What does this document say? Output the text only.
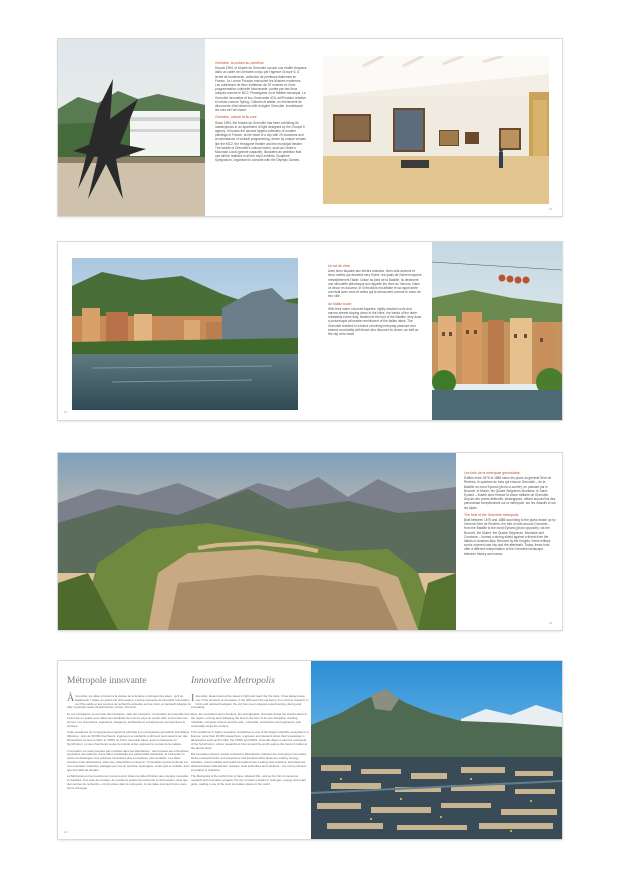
Grenoble, la culture au carrefour
Depuis 1994, le Musée de Grenoble occupe une réalité d'espace dans un cadre de Grenoble conçu par l'agence Groupe 6. À terme de bouleverse, collection de peintures italiennes en France. Le Louvre Poussin entrouvert les Musées modernes. Les collections de lieux Institution de 20 musées et d'une programmation culturelle foisonnante, portée par des lieux uniques comme le MC2, Planetgame ou le théâtre municipal. La Grenoble innovative et éco-l'innovante d'OL art/Produire créative et urbain comme Spring, Cultures et atelier, un événement de découverte d'art urbain la ville d'origine Grenoble, investissant les rues de l'art vivant.

Grenoble, culture at its core
Since 1994, the Musée de Grenoble has been exhibiting its masterpieces in an apartment of light designed by the Groupe 6 agency. It houses the second largest collection of modern paintings in France, at the heart of a city with 20 museums and an abundance of cultural programming, driven by unique venues like the MC2, the Hexagone theater and the municipal theater. The wealth of Grenoble's cultural scene, such as Cédric's Mountain Local (grande capacité), illustrates an ambition that can still be realized in all the city's exhibits, Sculpture Symposium, organised to coincide with the Olympic Games.

10
11

Un art de vivre
Avec leurs façades aux teintes chaudes, leurs toits anciens et leurs ruelles qui dévalent vers l'Isère, les quais de l'Isère évoquent irrésistiblement l'Italie. Grâce au pied de la Bastille, ils dessinent une silhouette pittoresque qui rappelle les rives du Vercors. Dans ce décor en douceur, le Grenoblois est affable et sa rapprochée convivial avec ceux et celles qui le découvrent comme le cœur de leur ville.

An Italian touch
With their warm coloured façades, rightly stacked roofs and narrow streets sloping down to the Isère, the banks of the Isère irresistibly evoke Italy. Nestled at the foot of the Bastille, they draw a picturesque silhouette reminiscent of the Italian lakes. The Grenoble resident in a blend of inviting everyday pleasure and shared conviviality with those who discover its charm, as well as the city at its heart.

Les forts de la métropole grenobloise
Édifiés entre 1875 et 1885 selon les plans du général Séré de Rivières, le système de forts qui entoure Grenoble – de la Bastille au mont Eynard (photo ci-contre), en passant par le Bourcet, le Murier, les Quatre Seigneurs Montavie, le Saint-Eynard – illustre avec finesse la vision militaire de Grenoble. Depuis des points défensifs, stratégiques, offrant aujourd'hui des panoramas exceptionnels sur la métropole, sur les massifs et sur les Alpes.

The forts of the Grenoble metropolis
Built between 1875 and 1885 according to the plans drawn up by General Séré de Rivières, the belt of forts around Grenoble – from the Bastille to the mont Eynard (photo opposite), via the Bourcet, the Murier, the Quatre Seigneurs, Montavie and Comboire – formed a strong shield against a threat from the Italian or Austrian Alps. Beloved by the Knights, these military works covered vast city and the aftermath. Today, these forts offer a different interpretation of the Grenoble landscape, between history and nature.

13
Métropole innovante

À Grenoble, les idées circulent à la vitesse de la lumière et plongent les idées : qu'il du Datacenter ! Grâce au grand site d'innovation, c'est la métropole de Grenoble l'innovation au XXIe siècle et ses sources de recherche actuelles sur les micro et nanotechnologies, la ville n'a jamais cessé d'expérimenter, d'oser, d'innover.

Ici, les montagnes ne sont pas des frontières, mais des tremplins : l'innovation de Grenoble donc s'est mise en quatre pour attirer des étudiants de tous les pays au centre-ville, sous toutes ses formes. Les chercheurs, ingénieurs, designers, architectes et entrepreneurs qui façonnent le territoire.

Cette excellence de l'enseignement supérieur participe à un écosystème grenoblois scientifique d'Europe : près de 30 000 chercheurs, ingénieurs et étudiants confirment leurs savoirs sur des laboratoires comme le CEA, le CNRS ou l'Inria. Grenoble Alpes, avec la métropole du Synchrotron, ou des chercheurs venus du monde entier explorent le monde de la matière.

L'innovation ne reste pourtant pas confinée dans les laboratoires : des bureaux aux entreprises pionnières des startups, d'une filière industrielle aux partenariats industriels, la métropole ne cesse de développer des solutions innovantes plus connectées, plus durables. Les idées circulent entre laboratoires, start-ups, collectivités et citoyens : l'innovation la plus profonde est une innovation collective, partagée par tout un territoire. Hydrogène, smart-grid et mobilité, ainsi que des défis de demain.

La Métropole est la première au monde à avoir obtenu le label d'Institut des énergies nouvelles et durables. À la suite de ce label, de nombreux projets de recherche et d'innovation, ainsi que des centres de recherche, ont pris place dans la métropole, où les idées prennent forme sous forme d'énergie.

Innovative Metropolis

I Grenoble, ideas travel at the speed of light and reach far the stars. It has always been one of the pioneers of innovation in the 20th and 21st centuries, from current research in micro and nanotechnologies: the city has never stopped experimenting, daring and innovating.

Here, the mountains aren't frontiers, but springboards. Grenoble draws the world's talent to the region, running and reshaping the land in the form of its own discipline: creating, materials, computer science and the arts – scientists, researchers and engineers, who continually sculpt the territory.

This excellence in higher education contributes to one of the largest scientific ecosystems in Europe: more than 30,000 researchers, engineers and students share their knowledge in laboratories such as the CEA, the CNRS and INRIA. Grenoble Alpes is also the metropolis of the Synchrotron, where researchers from around the world explore the heart of matter at the atomic level.

But innovation doesn't remain confined to laboratories: startups are emerging in innovative factory-research hubs; and experience and transformative ideas are making. Energy transition, smart mobility and health innovations are creating new solutions, and ideas are shared between laboratories, startups, local authorities and residents – the most profound innovation is collective.

The Metropolis is the world's first to have obtained this, and as the hub of numerous research and innovation projects, the city remains a leader in hydrogen, energy and smart grids, making it one of the most innovative places in the world.

14
